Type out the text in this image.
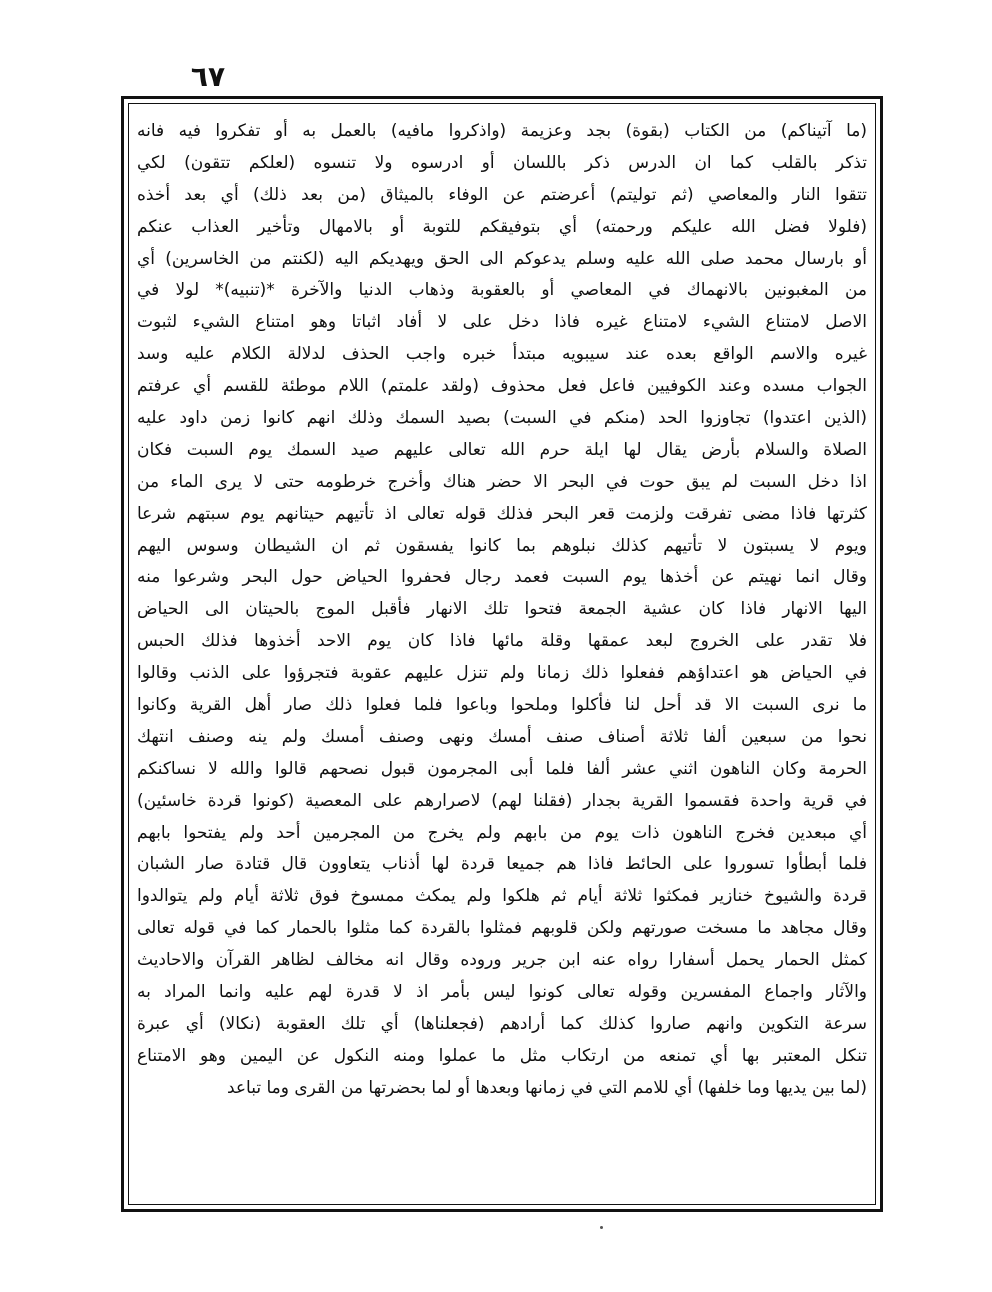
٦٧
(ما آتيناكم) من الكتاب (بقوة) بجد وعزيمة (واذكروا مافيه) بالعمل به أو تفكروا فيه فانه
تذكر بالقلب كما ان الدرس ذكر باللسان أو ادرسوه ولا تنسوه (لعلكم تتقون) لكي
تتقوا النار والمعاصي (ثم توليتم) أعرضتم عن الوفاء بالميثاق (من بعد ذلك) أي بعد أخذه
(فلولا فضل الله عليكم ورحمته) أي بتوفيقكم للتوبة أو بالامهال وتأخير العذاب عنكم
أو بارسال محمد صلى الله عليه وسلم يدعوكم الى الحق ويهديكم اليه (لكنتم من الخاسرين) أي
من المغبونين بالانهماك في المعاصي أو بالعقوبة وذهاب الدنيا والآخرة *(تنبيه)* لولا في
الاصل لامتناع الشيء لامتناع غيره فاذا دخل على لا أفاد اثباتا وهو امتناع الشيء لثبوت
غيره والاسم الواقع بعده عند سيبويه مبتدأ خبره واجب الحذف لدلالة الكلام عليه وسد
الجواب مسده وعند الكوفيين فاعل فعل محذوف (ولقد علمتم) اللام موطئة للقسم أي عرفتم
(الذين اعتدوا) تجاوزوا الحد (منكم في السبت) بصيد السمك وذلك انهم كانوا زمن داود عليه
الصلاة والسلام بأرض يقال لها ايلة حرم الله تعالى عليهم صيد السمك يوم السبت فكان
اذا دخل السبت لم يبق حوت في البحر الا حضر هناك وأخرج خرطومه حتى لا يرى الماء من
كثرتها فاذا مضى تفرقت ولزمت قعر البحر فذلك قوله تعالى اذ تأتيهم حيتانهم يوم سبتهم شرعا
ويوم لا يسبتون لا تأتيهم كذلك نبلوهم بما كانوا يفسقون ثم ان الشيطان وسوس اليهم
وقال انما نهيتم عن أخذها يوم السبت فعمد رجال فحفروا الحياض حول البحر وشرعوا منه
اليها الانهار فاذا كان عشية الجمعة فتحوا تلك الانهار فأقبل الموج بالحيتان الى الحياض
فلا تقدر على الخروج لبعد عمقها وقلة مائها فاذا كان يوم الاحد أخذوها فذلك الحبس
في الحياض هو اعتداؤهم ففعلوا ذلك زمانا ولم تنزل عليهم عقوبة فتجرؤوا على الذنب وقالوا
ما نرى السبت الا قد أحل لنا فأكلوا وملحوا وباعوا فلما فعلوا ذلك صار أهل القرية وكانوا
نحوا من سبعين ألفا ثلاثة أصناف صنف أمسك ونهى وصنف أمسك ولم ينه وصنف انتهك
الحرمة وكان الناهون اثني عشر ألفا فلما أبى المجرمون قبول نصحهم قالوا والله لا نساكنكم
في قرية واحدة فقسموا القرية بجدار (فقلنا لهم) لاصرارهم على المعصية (كونوا قردة خاسئين)
أي مبعدين فخرج الناهون ذات يوم من بابهم ولم يخرج من المجرمين أحد ولم يفتحوا بابهم
فلما أبطأوا تسوروا على الحائط فاذا هم جميعا قردة لها أذناب يتعاوون قال قتادة صار الشبان
قردة والشيوخ خنازير فمكثوا ثلاثة أيام ثم هلكوا ولم يمكث ممسوخ فوق ثلاثة أيام ولم يتوالدوا
وقال مجاهد ما مسخت صورتهم ولكن قلوبهم فمثلوا بالقردة كما مثلوا بالحمار كما في قوله تعالى
كمثل الحمار يحمل أسفارا رواه عنه ابن جرير وروده وقال انه مخالف لظاهر القرآن والاحاديث
والآثار واجماع المفسرين وقوله تعالى كونوا ليس بأمر اذ لا قدرة لهم عليه وانما المراد به
سرعة التكوين وانهم صاروا كذلك كما أرادهم (فجعلناها) أي تلك العقوبة (نكالا) أي عبرة
تنكل المعتبر بها أي تمنعه من ارتكاب مثل ما عملوا ومنه النكول عن اليمين وهو الامتناع
(لما بين يديها وما خلفها) أي للامم التي في زمانها وبعدها أو لما بحضرتها من القرى وما تباعد
